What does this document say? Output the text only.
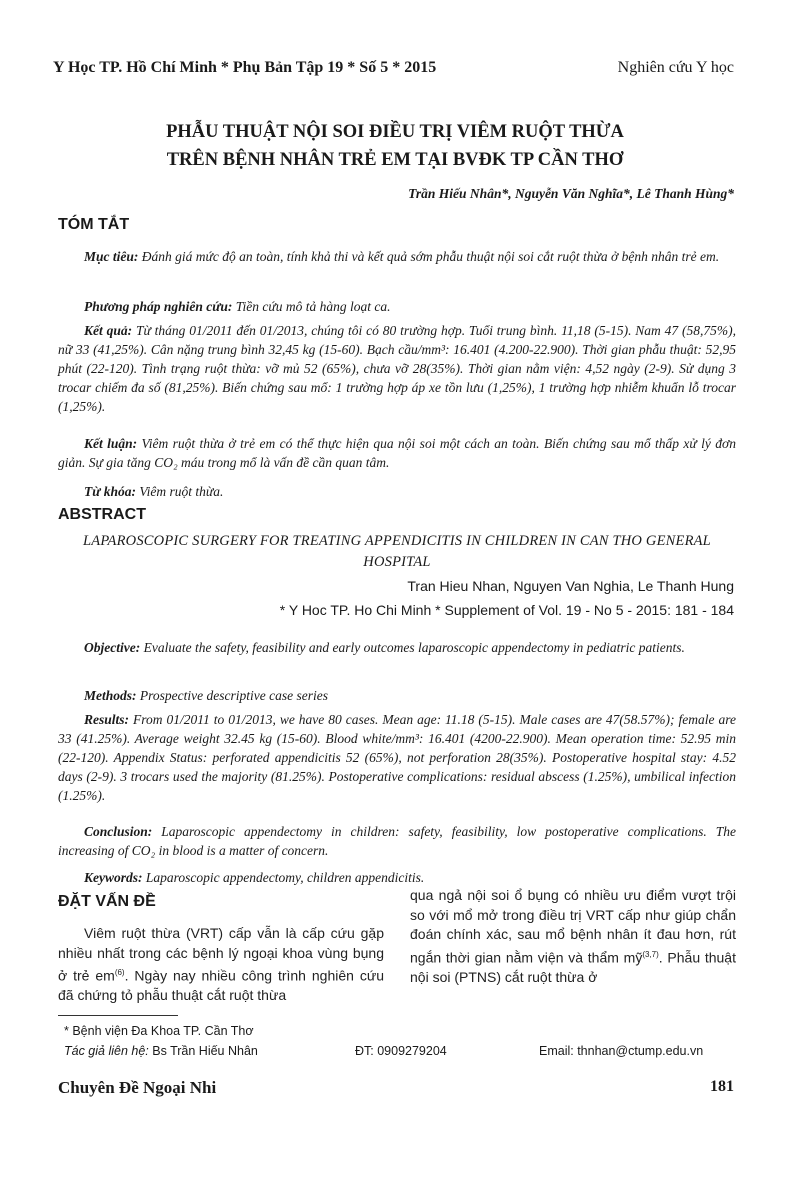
Y Học TP. Hồ Chí Minh * Phụ Bản Tập 19 * Số 5 * 2015	Nghiên cứu Y học
PHẪU THUẬT NỘI SOI ĐIỀU TRỊ VIÊM RUỘT THỪA
TRÊN BỆNH NHÂN TRẺ EM TẠI BVĐK TP CẦN THƠ
Trần Hiếu Nhân*, Nguyễn Văn Nghĩa*, Lê Thanh Hùng*
TÓM TẮT
Mục tiêu: Đánh giá mức độ an toàn, tính khả thi và kết quả sớm phẫu thuật nội soi cắt ruột thừa ở bệnh nhân trẻ em.
Phương pháp nghiên cứu: Tiền cứu mô tả hàng loạt ca.
Kết quả: Từ tháng 01/2011 đến 01/2013, chúng tôi có 80 trường hợp. Tuổi trung bình. 11,18 (5-15). Nam 47 (58,75%), nữ 33 (41,25%). Cân nặng trung bình 32,45 kg (15-60). Bạch cầu/mm³: 16.401 (4.200-22.900). Thời gian phẫu thuật: 52,95 phút (22-120). Tình trạng ruột thừa: vỡ mủ 52 (65%), chưa vỡ 28(35%). Thời gian nằm viện: 4,52 ngày (2-9). Sử dụng 3 trocar chiếm đa số (81,25%). Biến chứng sau mổ: 1 trường hợp áp xe tồn lưu (1,25%), 1 trường hợp nhiễm khuẩn lỗ trocar (1,25%).
Kết luận: Viêm ruột thừa ở trẻ em có thể thực hiện qua nội soi một cách an toàn. Biến chứng sau mổ thấp xử lý đơn giản. Sự gia tăng CO₂ máu trong mổ là vấn đề cần quan tâm.
Từ khóa: Viêm ruột thừa.
ABSTRACT
LAPAROSCOPIC SURGERY FOR TREATING APPENDICITIS IN CHILDREN IN CAN THO GENERAL
HOSPITAL
Tran Hieu Nhan, Nguyen Van Nghia, Le Thanh Hung
* Y Hoc TP. Ho Chi Minh * Supplement of Vol. 19 - No 5 - 2015: 181 - 184
Objective: Evaluate the safety, feasibility and early outcomes laparoscopic appendectomy in pediatric patients.
Methods: Prospective descriptive case series
Results: From 01/2011 to 01/2013, we have 80 cases. Mean age: 11.18 (5-15). Male cases are 47(58.57%); female are 33 (41.25%). Average weight 32.45 kg (15-60). Blood white/mm³: 16.401 (4200-22.900). Mean operation time: 52.95 min (22-120). Appendix Status: perforated appendicitis 52 (65%), not perforation 28(35%). Postoperative hospital stay: 4.52 days (2-9). 3 trocars used the majority (81.25%). Postoperative complications: residual abscess (1.25%), umbilical infection (1.25%).
Conclusion: Laparoscopic appendectomy in children: safety, feasibility, low postoperative complications. The increasing of CO₂ in blood is a matter of concern.
Keywords: Laparoscopic appendectomy, children appendicitis.
ĐẶT VẤN ĐỀ
Viêm ruột thừa (VRT) cấp vẫn là cấp cứu gặp nhiều nhất trong các bệnh lý ngoại khoa vùng bụng ở trẻ $em^{(6)}$. Ngày nay nhiều công trình nghiên cứu đã chứng tỏ phẫu thuật cắt ruột thừa
qua ngả nội soi ổ bụng có nhiều ưu điểm vượt trội so với mổ mở trong điều trị VRT cấp như giúp chẩn đoán chính xác, sau mổ bệnh nhân ít đau hơn, rút ngắn thời gian nằm viện và thẩm mỹ$^{(3,7)}$. Phẫu thuật nội soi (PTNS) cắt ruột thừa ở
* Bệnh viện Đa Khoa TP. Cần Thơ
Tác giả liên hệ: Bs Trần Hiếu Nhân	ĐT: 0909279204	Email: thnhan@ctump.edu.vn
Chuyên Đề Ngoại Nhi	181
